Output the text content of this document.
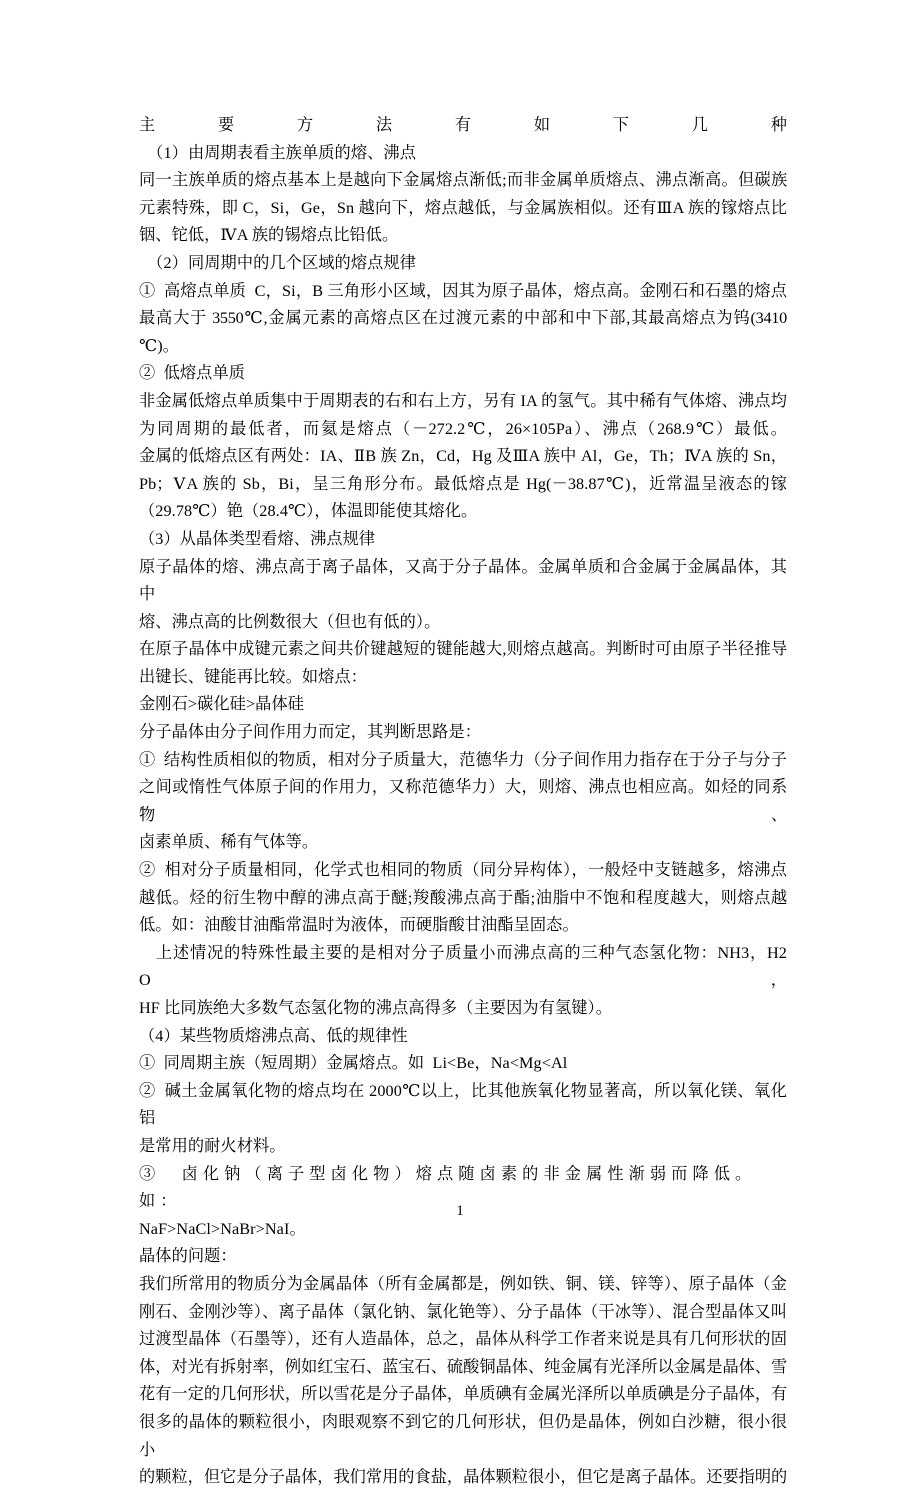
主要方法有如下几种
　（1）由周期表看主族单质的熔、沸点
同一主族单质的熔点基本上是越向下金属熔点渐低;而非金属单质熔点、沸点渐高。但碳族
元素特殊，即 C，Si，Ge，Sn 越向下，熔点越低，与金属族相似。还有ⅢA 族的镓熔点比
铟、铊低，ⅣA 族的锡熔点比铅低。
　（2）同周期中的几个区域的熔点规律
①  高熔点单质  C，Si，B 三角形小区域，因其为原子晶体，熔点高。金刚石和石墨的熔点
最高大于 3550℃,金属元素的高熔点区在过渡元素的中部和中下部,其最高熔点为钨(3410
℃)。
②  低熔点单质
非金属低熔点单质集中于周期表的右和右上方，另有 IA 的氢气。其中稀有气体熔、沸点均
为同周期的最低者，而氦是熔点（－272.2℃，26×105Pa）、沸点（268.9℃）最低。
金属的低熔点区有两处：IA、ⅡB 族 Zn，Cd，Hg 及ⅢA 族中 Al，Ge，Th；ⅣA 族的 Sn，
Pb；ⅤA 族的 Sb，Bi，呈三角形分布。最低熔点是 Hg(－38.87℃)，近常温呈液态的镓
（29.78℃）铯（28.4℃），体温即能使其熔化。
（3）从晶体类型看熔、沸点规律
原子晶体的熔、沸点高于离子晶体，又高于分子晶体。金属单质和合金属于金属晶体，其中
熔、沸点高的比例数很大（但也有低的）。
在原子晶体中成键元素之间共价键越短的键能越大,则熔点越高。判断时可由原子半径推导
出键长、键能再比较。如熔点：
金刚石>碳化硅>晶体硅
分子晶体由分子间作用力而定，其判断思路是：
①  结构性质相似的物质，相对分子质量大，范德华力（分子间作用力指存在于分子与分子
之间或惰性气体原子间的作用力，又称范德华力）大，则熔、沸点也相应高。如烃的同系物、
卤素单质、稀有气体等。
②  相对分子质量相同，化学式也相同的物质（同分异构体），一般烃中支链越多，熔沸点
越低。烃的衍生物中醇的沸点高于醚;羧酸沸点高于酯;油脂中不饱和程度越大，则熔点越
低。如：油酸甘油酯常温时为液体，而硬脂酸甘油酯呈固态。
　上述情况的特殊性最主要的是相对分子质量小而沸点高的三种气态氢化物：NH3，H2O，
HF 比同族绝大多数气态氢化物的沸点高得多（主要因为有氢键）。
（4）某些物质熔沸点高、低的规律性
①  同周期主族（短周期）金属熔点。如  Li<Be，Na<Mg<Al
②  碱土金属氧化物的熔点均在 2000℃以上，比其他族氧化物显著高，所以氧化镁、氧化铝
是常用的耐火材料。
③　卤化钠（离子型卤化物）熔点随卤素的非金属性渐弱而降低。如：
NaF>NaCl>NaBr>NaI。
晶体的问题：
我们所常用的物质分为金属晶体（所有金属都是，例如铁、铜、镁、锌等）、原子晶体（金
刚石、金刚沙等）、离子晶体（氯化钠、氯化铯等）、分子晶体（干冰等）、混合型晶体又叫
过渡型晶体（石墨等），还有人造晶体，总之，晶体从科学工作者来说是具有几何形状的固
体，对光有拆射率，例如红宝石、蓝宝石、硫酸铜晶体、纯金属有光泽所以金属是晶体、雪
花有一定的几何形状，所以雪花是分子晶体，单质碘有金属光泽所以单质碘是分子晶体，有
很多的晶体的颗粒很小，肉眼观察不到它的几何形状，但仍是晶体，例如白沙糖，很小很小
的颗粒，但它是分子晶体，我们常用的食盐，晶体颗粒很小，但它是离子晶体。还要指明的
1
